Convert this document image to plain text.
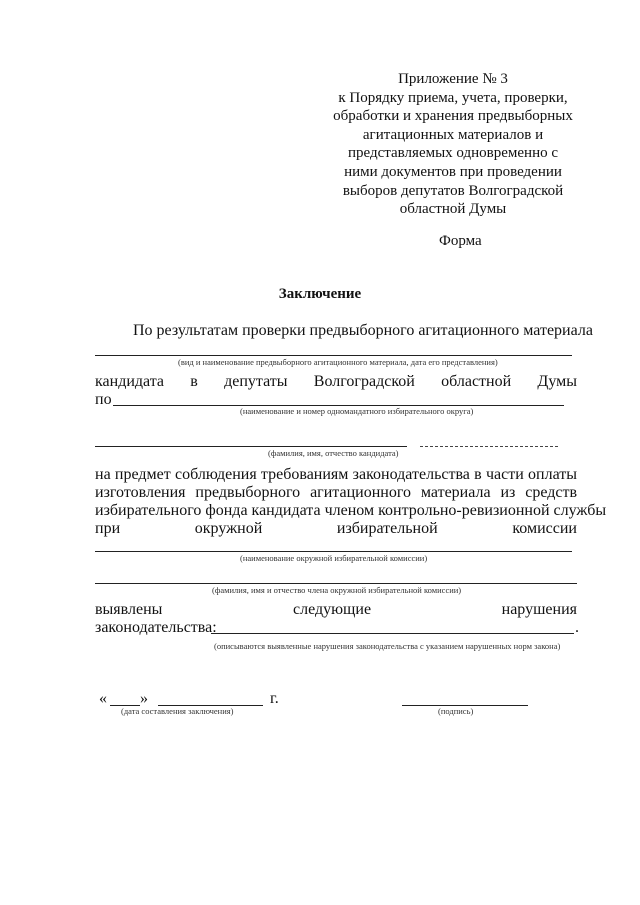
Приложение № 3
к Порядку приема, учета, проверки,
обработки и хранения предвыборных
агитационных материалов и
представляемых одновременно с
ними документов при проведении
выборов депутатов Волгоградской
областной Думы
Форма
Заключение
По результатам проверки предвыборного агитационного материала
(вид и наименование предвыборного агитационного материала, дата его представления)
кандидата в депутаты Волгоградской областной Думы
по
(наименование и номер одномандатного избирательного округа)
(фамилия, имя, отчество кандидата)
на предмет соблюдения требованиям законодательства в части оплаты
изготовления предвыборного агитационного материала из средств
избирательного фонда кандидата членом контрольно-ревизионной службы
при	окружной	избирательной	комиссии
(наименование окружной избирательной комиссии)
(фамилия, имя и отчество члена окружной избирательной комиссии)
выявлены	следующие	нарушения
законодательства:	.
(описываются выявленные нарушения законодательства с указанием нарушенных норм закона)
« »	г.
(дата составления заключения)	(подпись)
